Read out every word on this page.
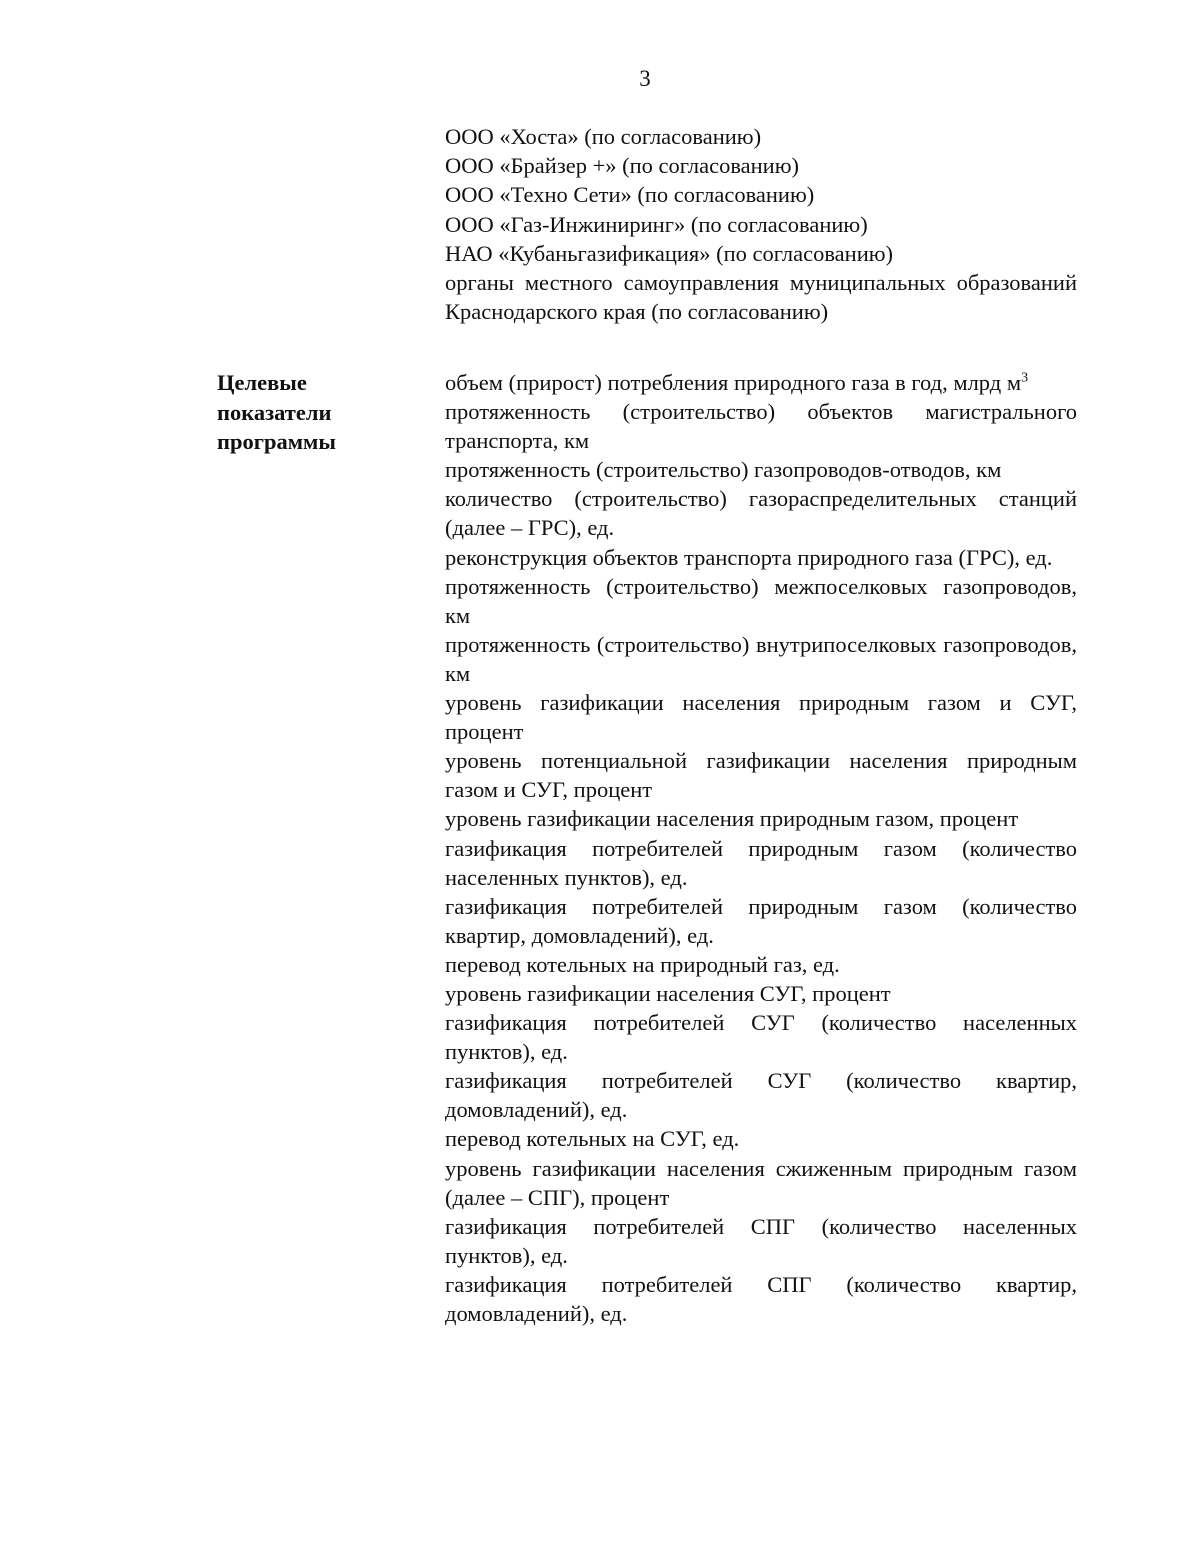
3

ООО «Хоста» (по согласованию)

ООО «Брайзер +» (по согласованию)

ООО «Техно Сети» (по согласованию)

ООО «Газ-Инжиниринг» (по согласованию)

НАО «Кубаньгазификация» (по согласованию)

органы местного самоуправления муниципальных образований Краснодарского края (по согласованию)

Целевые
показатели
программы

объем (прирост) потребления природного газа в год, млрд $м^3$

протяженность (строительство) объектов магистрального транспорта, км

протяженность (строительство) газопроводов-отводов, км

количество (строительство) газораспределительных станций (далее – ГРС), ед.

реконструкция объектов транспорта природного газа (ГРС), ед.

протяженность (строительство) межпоселковых газопроводов, км

протяженность (строительство) внутрипоселковых газопроводов, км

уровень газификации населения природным газом и СУГ, процент

уровень потенциальной газификации населения природным газом и СУГ, процент

уровень газификации населения природным газом, процент

газификация потребителей природным газом (количество населенных пунктов), ед.

газификация потребителей природным газом (количество квартир, домовладений), ед.

перевод котельных на природный газ, ед.

уровень газификации населения СУГ, процент

газификация потребителей СУГ (количество населенных пунктов), ед.

газификация потребителей СУГ (количество квартир, домовладений), ед.

перевод котельных на СУГ, ед.

уровень газификации населения сжиженным природным газом (далее – СПГ), процент

газификация потребителей СПГ (количество населенных пунктов), ед.

газификация потребителей СПГ (количество квартир, домовладений), ед.
